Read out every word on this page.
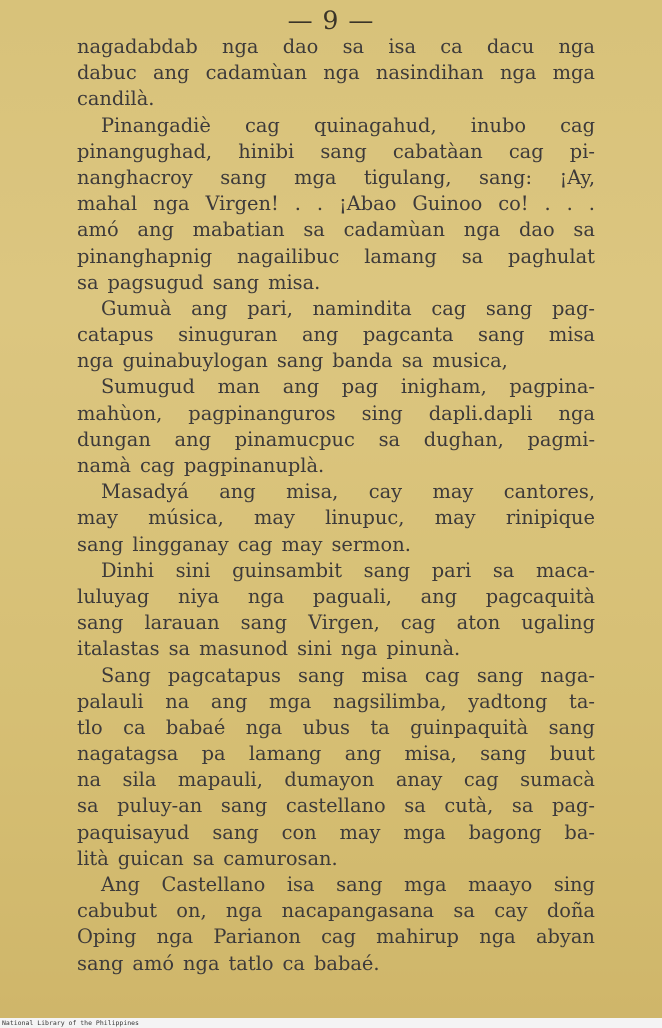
— 9 —
nagadabdab nga dao sa isa ca dacu nga
dabuc ang cadamùan nga nasindihan nga mga
candilà.
Pinangadiè cag quinagahud, inubo cag
pinangughad, hinibi sang cabatàan cag pi-
nanghacroy sang mga tigulang, sang: ¡Ay,
mahal nga Virgen! . . ¡Abao Guinoo co! . . .
amó ang mabatian sa cadamùan nga dao sa
pinanghapnig nagailibuc lamang sa paghulat
sa pagsugud sang misa.
Gumuà ang pari, namindita cag sang pag-
catapus sinuguran ang pagcanta sang misa
nga guinabuylogan sang banda sa musica,
Sumugud man ang pag inigham, pagpina-
mahùon, pagpinanguros sing dapli.dapli nga
dungan ang pinamucpuc sa dughan, pagmi-
namà cag pagpinanuplà.
Masadyá ang misa, cay may cantores,
may música, may linupuc, may rinipique
sang lingganay cag may sermon.
Dinhi sini guinsambit sang pari sa maca-
luluyag niya nga paguali, ang pagcaquità
sang larauan sang Virgen, cag aton ugaling
italastas sa masunod sini nga pinunà.
Sang pagcatapus sang misa cag sang naga-
palauli na ang mga nagsilimba, yadtong ta-
tlo ca babaé nga ubus ta guinpaquità sang
nagatagsa pa lamang ang misa, sang buut
na sila mapauli, dumayon anay cag sumacà
sa puluy-an sang castellano sa cutà, sa pag-
paquisayud sang con may mga bagong ba-
lità guican sa camurosan.
Ang Castellano isa sang mga maayo sing
cabubut on, nga nacapangasana sa cay doña
Oping nga Parianon cag mahirup nga abyan
sang amó nga tatlo ca babaé.
National Library of the Philippines
